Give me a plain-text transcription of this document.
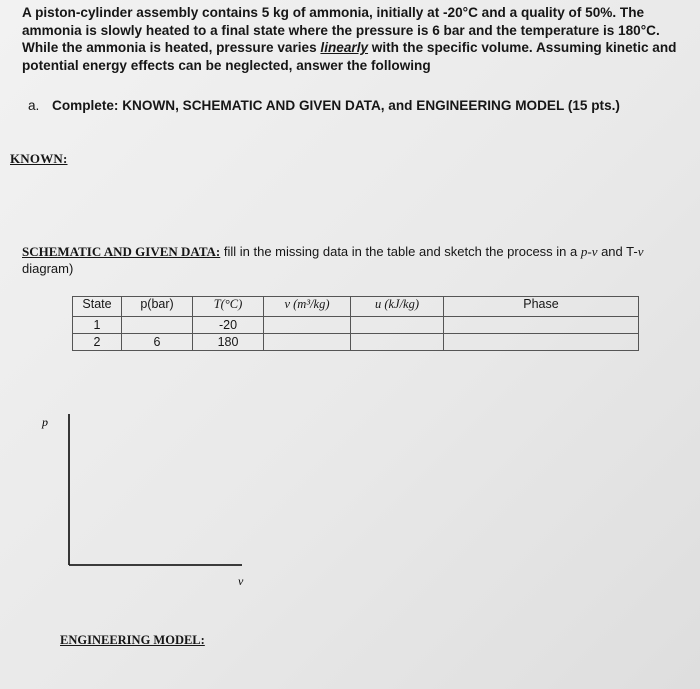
A piston-cylinder assembly contains 5 kg of ammonia, initially at -20°C and a quality of 50%. The ammonia is slowly heated to a final state where the pressure is 6 bar and the temperature is 180°C. While the ammonia is heated, pressure varies linearly with the specific volume. Assuming kinetic and potential energy effects can be neglected, answer the following

a. Complete: KNOWN, SCHEMATIC AND GIVEN DATA, and ENGINEERING MODEL (15 pts.)

KNOWN:

SCHEMATIC AND GIVEN DATA: fill in the missing data in the table and sketch the process in a p-v and T-v diagram)

State	p(bar)	T(°C)	v (m³/kg)	u (kJ/kg)	Phase
1		-20			
2	6	180			
p
v

ENGINEERING MODEL:
